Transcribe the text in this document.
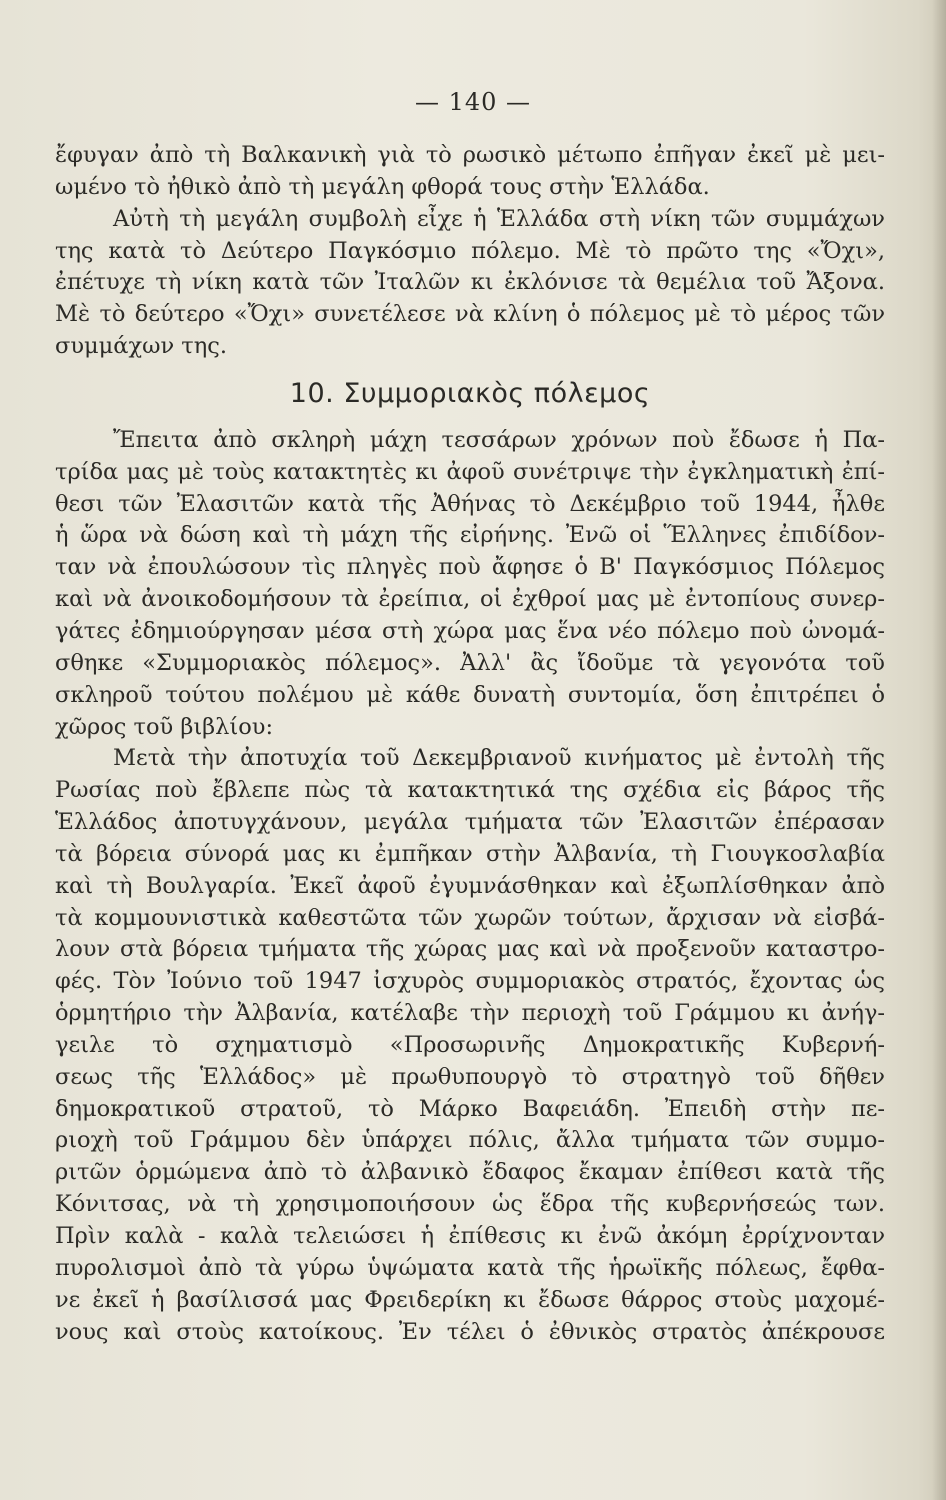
— 140 —
ἔφυγαν ἀπὸ τὴ Βαλκανικὴ γιὰ τὸ ρωσικὸ μέτωπο ἐπῆγαν ἐκεῖ μὲ μει-
ωμένο τὸ ἠθικὸ ἀπὸ τὴ μεγάλη φθορά τους στὴν Ἑλλάδα.
Αὐτὴ τὴ μεγάλη συμβολὴ εἶχε ἡ Ἑλλάδα στὴ νίκη τῶν συμμάχων
της κατὰ τὸ Δεύτερο Παγκόσμιο πόλεμο. Μὲ τὸ πρῶτο της «Ὄχι»,
ἐπέτυχε τὴ νίκη κατὰ τῶν Ἰταλῶν κι ἐκλόνισε τὰ θεμέλια τοῦ Ἄξονα.
Μὲ τὸ δεύτερο «Ὄχι» συνετέλεσε νὰ κλίνη ὁ πόλεμος μὲ τὸ μέρος τῶν
συμμάχων της.
10. Συμμοριακὸς πόλεμος
Ἔπειτα ἀπὸ σκληρὴ μάχη τεσσάρων χρόνων ποὺ ἔδωσε ἡ Πα-
τρίδα μας μὲ τοὺς κατακτητὲς κι ἀφοῦ συνέτριψε τὴν ἐγκληματικὴ ἐπί-
θεσι τῶν Ἐλασιτῶν κατὰ τῆς Ἀθήνας τὸ Δεκέμβριο τοῦ 1944, ἦλθε
ἡ ὥρα νὰ δώση καὶ τὴ μάχη τῆς εἰρήνης. Ἐνῶ οἱ Ἕλληνες ἐπιδίδον-
ταν νὰ ἐπουλώσουν τὶς πληγὲς ποὺ ἄφησε ὁ Β' Παγκόσμιος Πόλεμος
καὶ νὰ ἀνοικοδομήσουν τὰ ἐρείπια, οἱ ἐχθροί μας μὲ ἐντοπίους συνερ-
γάτες ἐδημιούργησαν μέσα στὴ χώρα μας ἕνα νέο πόλεμο ποὺ ὠνομά-
σθηκε «Συμμοριακὸς πόλεμος». Ἀλλ' ἂς ἴδοῦμε τὰ γεγονότα τοῦ
σκληροῦ τούτου πολέμου μὲ κάθε δυνατὴ συντομία, ὅση ἐπιτρέπει ὁ
χῶρος τοῦ βιβλίου:
Μετὰ τὴν ἀποτυχία τοῦ Δεκεμβριανοῦ κινήματος μὲ ἐντολὴ τῆς
Ρωσίας ποὺ ἔβλεπε πὼς τὰ κατακτητικά της σχέδια εἰς βάρος τῆς
Ἑλλάδος ἀποτυγχάνουν, μεγάλα τμήματα τῶν Ἐλασιτῶν ἐπέρασαν
τὰ βόρεια σύνορά μας κι ἐμπῆκαν στὴν Ἀλβανία, τὴ Γιουγκοσλαβία
καὶ τὴ Βουλγαρία. Ἐκεῖ ἀφοῦ ἐγυμνάσθηκαν καὶ ἐξωπλίσθηκαν ἀπὸ
τὰ κομμουνιστικὰ καθεστῶτα τῶν χωρῶν τούτων, ἄρχισαν νὰ εἰσβά-
λουν στὰ βόρεια τμήματα τῆς χώρας μας καὶ νὰ προξενοῦν καταστρο-
φές. Τὸν Ἰούνιο τοῦ 1947 ἰσχυρὸς συμμοριακὸς στρατός, ἔχοντας ὡς
ὁρμητήριο τὴν Ἀλβανία, κατέλαβε τὴν περιοχὴ τοῦ Γράμμου κι ἀνήγ-
γειλε τὸ σχηματισμὸ «Προσωρινῆς Δημοκρατικῆς Κυβερνή-
σεως τῆς Ἑλλάδος» μὲ πρωθυπουργὸ τὸ στρατηγὸ τοῦ δῆθεν
δημοκρατικοῦ στρατοῦ, τὸ Μάρκο Βαφειάδη. Ἐπειδὴ στὴν πε-
ριοχὴ τοῦ Γράμμου δὲν ὑπάρχει πόλις, ἄλλα τμήματα τῶν συμμο-
ριτῶν ὁρμώμενα ἀπὸ τὸ ἀλβανικὸ ἔδαφος ἔκαμαν ἐπίθεσι κατὰ τῆς
Κόνιτσας, νὰ τὴ χρησιμοποιήσουν ὡς ἕδρα τῆς κυβερνήσεώς των.
Πρὶν καλὰ - καλὰ τελειώσει ἡ ἐπίθεσις κι ἐνῶ ἀκόμη ἐρρίχνονταν
πυρολισμοὶ ἀπὸ τὰ γύρω ὑψώματα κατὰ τῆς ἡρωϊκῆς πόλεως, ἔφθα-
νε ἐκεῖ ἡ βασίλισσά μας Φρειδερίκη κι ἔδωσε θάρρος στοὺς μαχομέ-
νους καὶ στοὺς κατοίκους. Ἐν τέλει ὁ ἐθνικὸς στρατὸς ἀπέκρουσε
